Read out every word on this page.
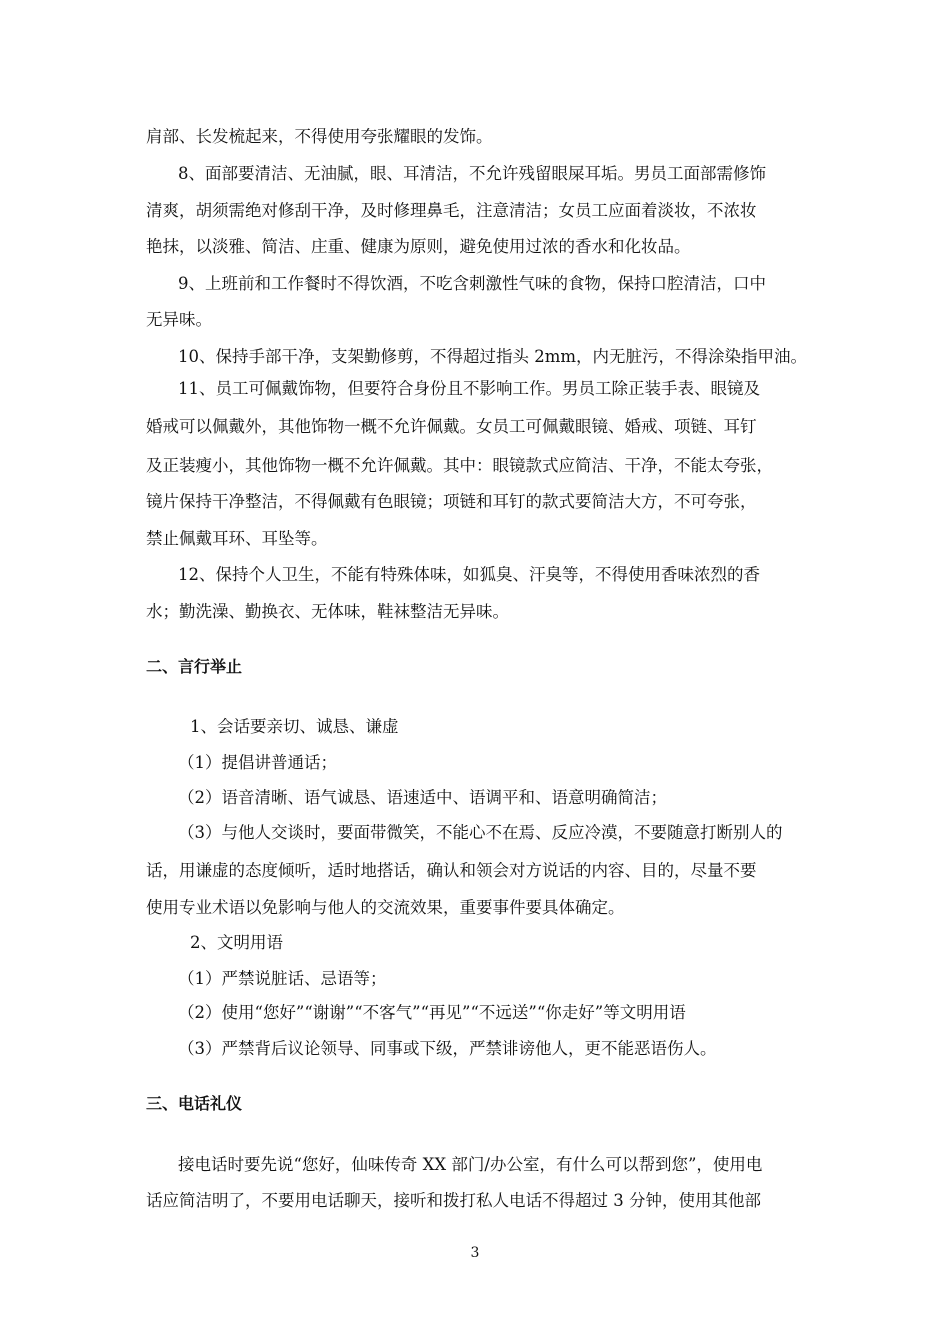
肩部、长发梳起来，不得使用夸张耀眼的发饰。

8、面部要清洁、无油腻，眼、耳清洁，不允许残留眼屎耳垢。男员工面部需修饰

清爽，胡须需绝对修刮干净，及时修理鼻毛，注意清洁；女员工应面着淡妆，不浓妆

艳抹，以淡雅、简洁、庄重、健康为原则，避免使用过浓的香水和化妆品。

9、上班前和工作餐时不得饮酒，不吃含刺激性气味的食物，保持口腔清洁，口中

无异味。

10、保持手部干净，支架勤修剪，不得超过指头 2mm，内无脏污，不得涂染指甲油。

11、员工可佩戴饰物，但要符合身份且不影响工作。男员工除正装手表、眼镜及

婚戒可以佩戴外，其他饰物一概不允许佩戴。女员工可佩戴眼镜、婚戒、项链、耳钉

及正装瘦小，其他饰物一概不允许佩戴。其中：眼镜款式应简洁、干净，不能太夸张，

镜片保持干净整洁，不得佩戴有色眼镜；项链和耳钉的款式要简洁大方，不可夸张，

禁止佩戴耳环、耳坠等。

12、保持个人卫生，不能有特殊体味，如狐臭、汗臭等，不得使用香味浓烈的香

水；勤洗澡、勤换衣、无体味，鞋袜整洁无异味。

二、言行举止

1、会话要亲切、诚恳、谦虚

（1）提倡讲普通话；

（2）语音清晰、语气诚恳、语速适中、语调平和、语意明确简洁；

（3）与他人交谈时，要面带微笑，不能心不在焉、反应冷漠，不要随意打断别人的

话，用谦虚的态度倾听，适时地搭话，确认和领会对方说话的内容、目的，尽量不要

使用专业术语以免影响与他人的交流效果，重要事件要具体确定。

2、文明用语

（1）严禁说脏话、忌语等；

（2）使用“您好”“谢谢”“不客气”“再见”“不远送”“你走好”等文明用语

（3）严禁背后议论领导、同事或下级，严禁诽谤他人，更不能恶语伤人。

三、电话礼仪

接电话时要先说“您好，仙味传奇 XX 部门/办公室，有什么可以帮到您”，使用电

话应简洁明了，不要用电话聊天，接听和拨打私人电话不得超过 3 分钟，使用其他部

3
